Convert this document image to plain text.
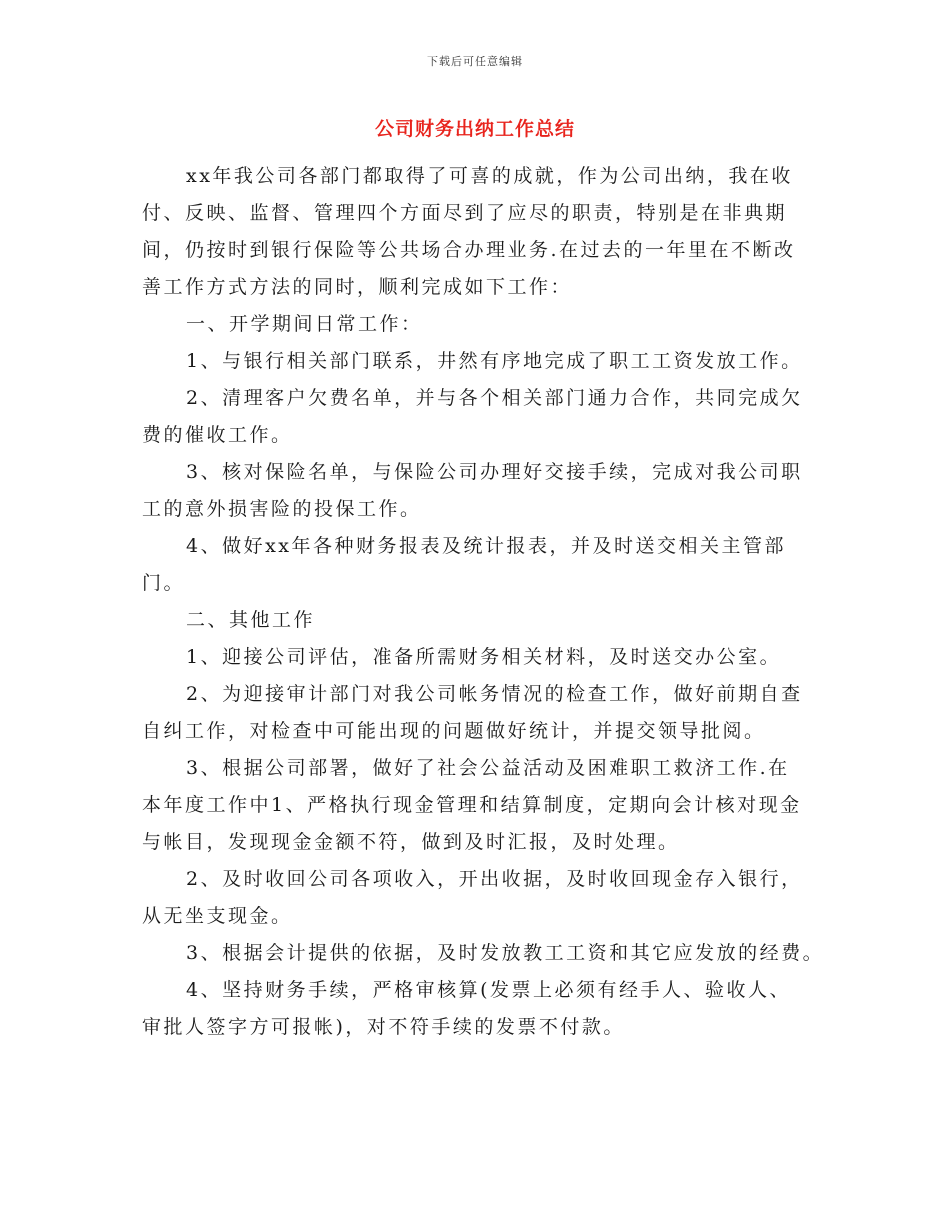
下载后可任意编辑
公司财务出纳工作总结

xx年我公司各部门都取得了可喜的成就，作为公司出纳，我在收
付、反映、监督、管理四个方面尽到了应尽的职责，特别是在非典期
间，仍按时到银行保险等公共场合办理业务.在过去的一年里在不断改
善工作方式方法的同时，顺利完成如下工作：

一、开学期间日常工作：

1、与银行相关部门联系，井然有序地完成了职工工资发放工作。

2、清理客户欠费名单，并与各个相关部门通力合作，共同完成欠
费的催收工作。

3、核对保险名单，与保险公司办理好交接手续，完成对我公司职
工的意外损害险的投保工作。

4、做好xx年各种财务报表及统计报表，并及时送交相关主管部
门。

二、其他工作

1、迎接公司评估，准备所需财务相关材料，及时送交办公室。

2、为迎接审计部门对我公司帐务情况的检查工作，做好前期自查
自纠工作，对检查中可能出现的问题做好统计，并提交领导批阅。

3、根据公司部署，做好了社会公益活动及困难职工救济工作.在
本年度工作中1、严格执行现金管理和结算制度，定期向会计核对现金
与帐目，发现现金金额不符，做到及时汇报，及时处理。

2、及时收回公司各项收入，开出收据，及时收回现金存入银行，
从无坐支现金。

3、根据会计提供的依据，及时发放教工工资和其它应发放的经费。

4、坚持财务手续，严格审核算(发票上必须有经手人、验收人、
审批人签字方可报帐)，对不符手续的发票不付款。
